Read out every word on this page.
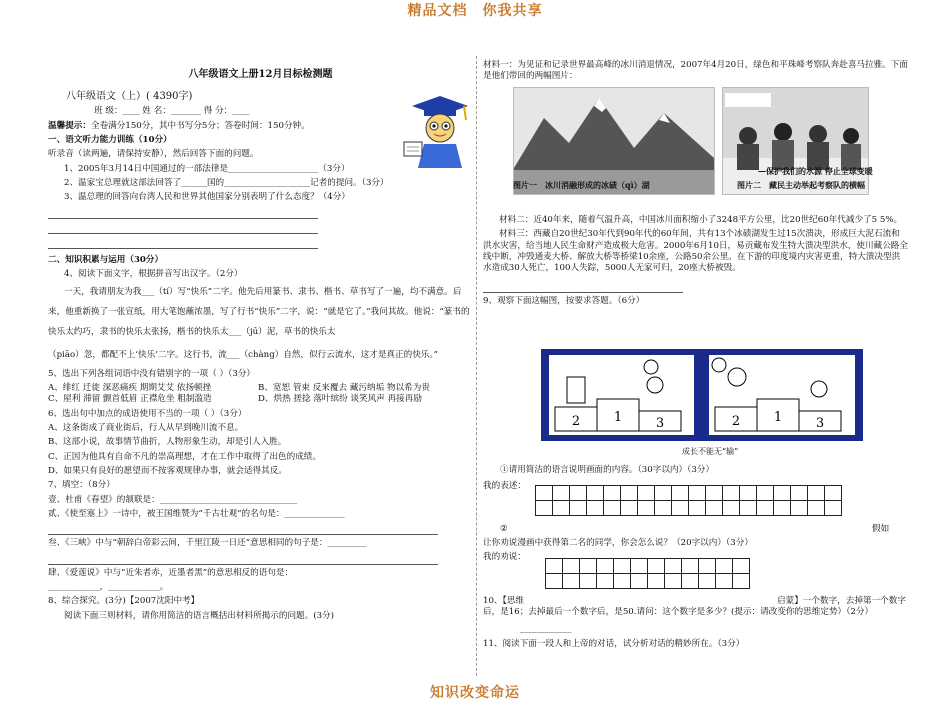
精品文档　你我共享
八年级语文上册12月目标检测题

八年级语文（上）( 4390字)

班 级：____ 姓 名：_______ 得 分：____

温馨提示：全卷满分150分，其中书写分5分；答卷时间：150分钟。

一、语文听力能力训练（10分）

听录音（读两遍，请保持安静），然后回答下面的问题。

1、2005年3月14日中国通过的一部法律是_____________________（3分）

2、温家宝总理就这部法回答了______国的____________________记者的提问。（3分）

3、温总理的回答向台湾人民和世界其他国家分别表明了什么态度？（4分）

二、知识积累与运用（30分）

4、阅读下面文字，根据拼音写出汉字。（2分）

一天，我请朋友为我___（tí）写“快乐”二字。他先后用篆书、隶书、楷书、草书写了一遍，均不满意。后来，他重新换了一张宣纸，用大笔饱蘸浓墨，写了行书“快乐”二字，说：“就是它了。”我问其故。他说：“篆书的快乐太约巧，隶书的快乐太张扬，楷书的快乐太___（jū）泥，草书的快乐太

（piāo）忽，都配不上‘快乐’二字。这行书，流___（chàng）自然，似行云流水，这才是真正的快乐。”

5、选出下列各组词语中没有错别字的一项（ ）（3分）

A、绯红 迁徙 深恶痛疾 期期艾艾 依扬顿挫	B、宽恕 管束 反来覆去 藏污纳垢 物以希为贵
C、屋利 滞留 颤首低眉 正襟危坐 粗制滥造	D、烘热 搓捻 落叶缤纷 谈笑风声 再接再励

6、选出句中加点的成语使用不当的一项（ ）（3分）

A、这条街成了商业街后，行人从早到晚川流不息。

B、这部小说，故事情节曲折，人物形象生动，却是引人入胜。

C、正因为他具有自命不凡的崇高理想，才在工作中取得了出色的成绩。

D、如果只有良好的愿望而不按客观规律办事，就会适得其反。

7、填空：（8分）

壹、杜甫《春望》的颔联是：________________________________

贰、《使至塞上》一诗中，被王国维赞为“千古壮观”的名句是：______________

叁、《三峡》中与“朝辞白帝彩云间，千里江陵一日还”意思相同的句子是：_________

肆、《爱莲说》中与“近朱者赤，近墨者黑”的意思相反的语句是：

____________，____________。

8、综合探究。(3分)【2007沈阳中考】

阅读下面三则材料，请你用简洁的语言概括出材料所揭示的问题。(3分)

材料一：为见证和记录世界最高峰的冰川消退情况，2007年4月20日，绿色和平珠峰考察队奔赴喜马拉雅。下面是他们带回的两幅图片：

图片一　冰川消融形成的冰碛（qì）湖	图片二　藏民主动举起考察队的横幅
—保护我们的水源 停止全球变暖

材料二：近40年来，随着气温升高，中国冰川面积缩小了3248平方公里，比20世纪60年代减少了5 5%。

材料三：西藏自20世纪30年代到90年代的60年间，共有13个冰碛湖发生过15次溃决，形成巨大泥石流和洪水灾害，给当地人民生命财产造成极大危害。2000年6月10日，易贡藏布发生特大溃决型洪水，使川藏公路全线中断，冲毁通麦大桥、解放大桥等桥梁10余座，公路50余公里。在下游的印度境内灾害更重，特大溃决型洪水造成30人死亡，100人失踪，5000人无家可归，20座大桥被毁。

9、观察下面这幅图，按要求答题。（6分）

2	1	3	2	1	3
成长不能无“输”
①请用简洁的语言说明画面的内容。（30字以内）（3分）
我的表述：

②	假如
让你劝说漫画中获得第二名的同学，你会怎么说？（20字以内）（3分）
我的劝说：

10、【思维	启蒙】一个数字，去掉第一个数字后，是16；去掉最后一个数字后，是50.请问：这个数字是多少？(提示：请改变你的思维定势）（2分）
____________
11、阅读下面一段人和上帝的对话，试分析对话的精妙所在。（3分）
知识改变命运
